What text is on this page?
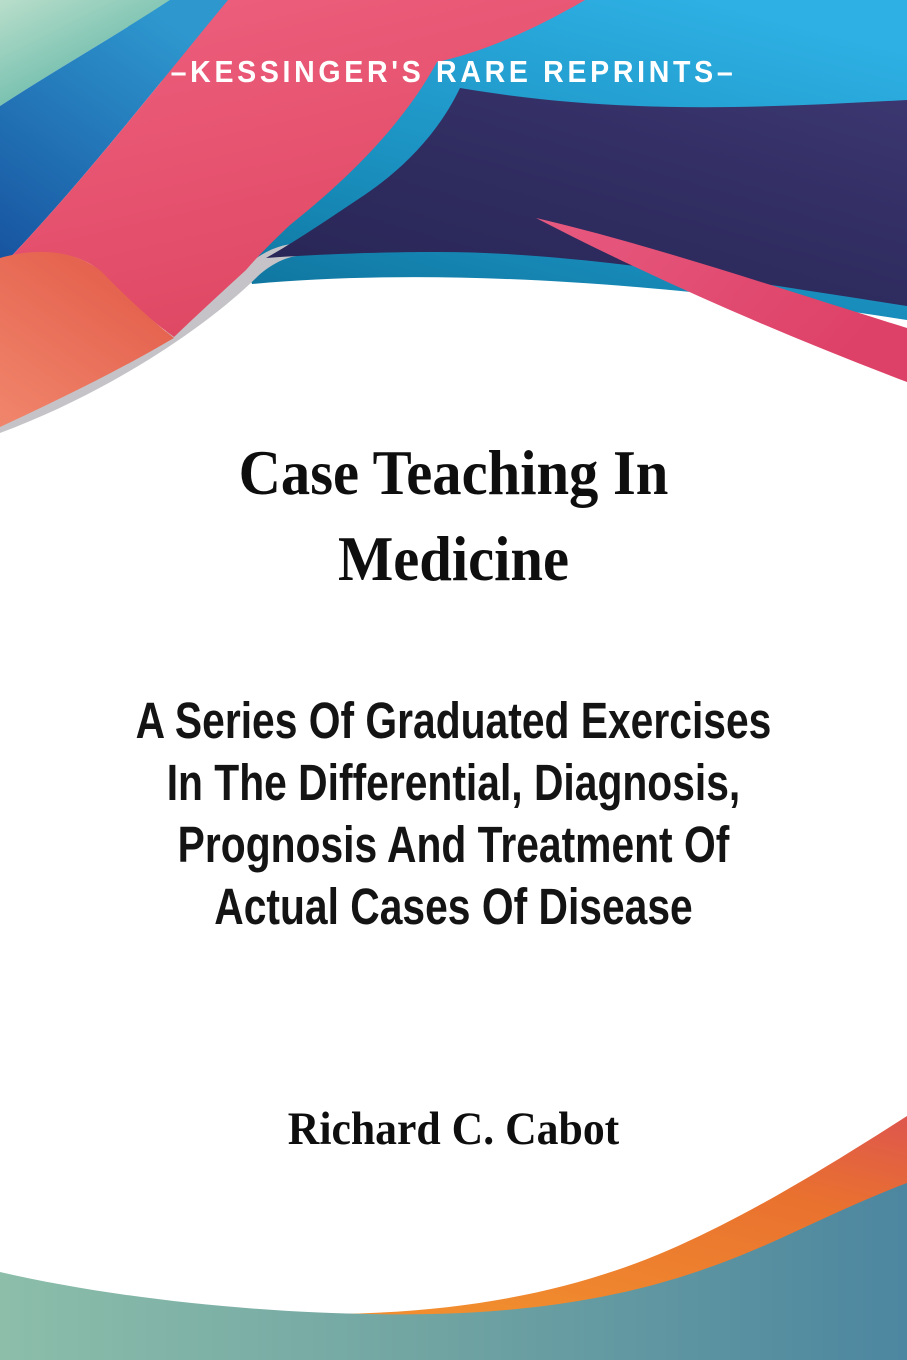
–KESSINGER'S RARE REPRINTS–
Case Teaching In
Medicine
A Series Of Graduated Exercises
In The Differential, Diagnosis,
Prognosis And Treatment Of
Actual Cases Of Disease
Richard C. Cabot
